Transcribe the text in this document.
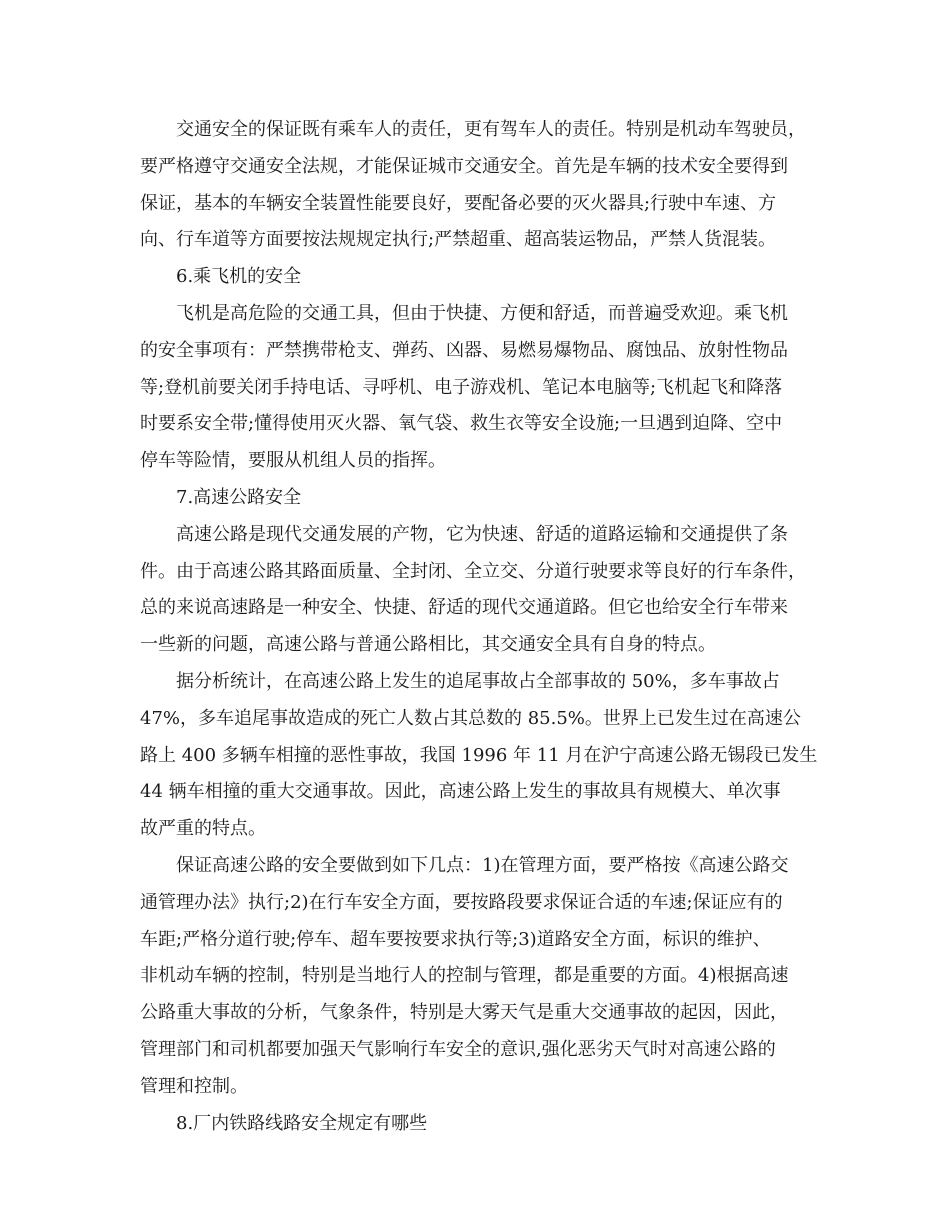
交通安全的保证既有乘车人的责任，更有驾车人的责任。特别是机动车驾驶员，
要严格遵守交通安全法规，才能保证城市交通安全。首先是车辆的技术安全要得到
保证，基本的车辆安全装置性能要良好，要配备必要的灭火器具;行驶中车速、方
向、行车道等方面要按法规规定执行;严禁超重、超高装运物品，严禁人货混装。

6.乘飞机的安全

飞机是高危险的交通工具，但由于快捷、方便和舒适，而普遍受欢迎。乘飞机
的安全事项有：严禁携带枪支、弹药、凶器、易燃易爆物品、腐蚀品、放射性物品
等;登机前要关闭手持电话、寻呼机、电子游戏机、笔记本电脑等;飞机起飞和降落
时要系安全带;懂得使用灭火器、氧气袋、救生衣等安全设施;一旦遇到迫降、空中
停车等险情，要服从机组人员的指挥。

7.高速公路安全

高速公路是现代交通发展的产物，它为快速、舒适的道路运输和交通提供了条
件。由于高速公路其路面质量、全封闭、全立交、分道行驶要求等良好的行车条件，
总的来说高速路是一种安全、快捷、舒适的现代交通道路。但它也给安全行车带来
一些新的问题，高速公路与普通公路相比，其交通安全具有自身的特点。

据分析统计，在高速公路上发生的追尾事故占全部事故的 50%，多车事故占
47%，多车追尾事故造成的死亡人数占其总数的 85.5%。世界上已发生过在高速公
路上 400 多辆车相撞的恶性事故，我国 1996 年 11 月在沪宁高速公路无锡段已发生
44 辆车相撞的重大交通事故。因此，高速公路上发生的事故具有规模大、单次事
故严重的特点。

保证高速公路的安全要做到如下几点：1)在管理方面，要严格按《高速公路交
通管理办法》执行;2)在行车安全方面，要按路段要求保证合适的车速;保证应有的
车距;严格分道行驶;停车、超车要按要求执行等;3)道路安全方面，标识的维护、
非机动车辆的控制，特别是当地行人的控制与管理，都是重要的方面。4)根据高速
公路重大事故的分析，气象条件，特别是大雾天气是重大交通事故的起因，因此，
管理部门和司机都要加强天气影响行车安全的意识,强化恶劣天气时对高速公路的
管理和控制。

8.厂内铁路线路安全规定有哪些
